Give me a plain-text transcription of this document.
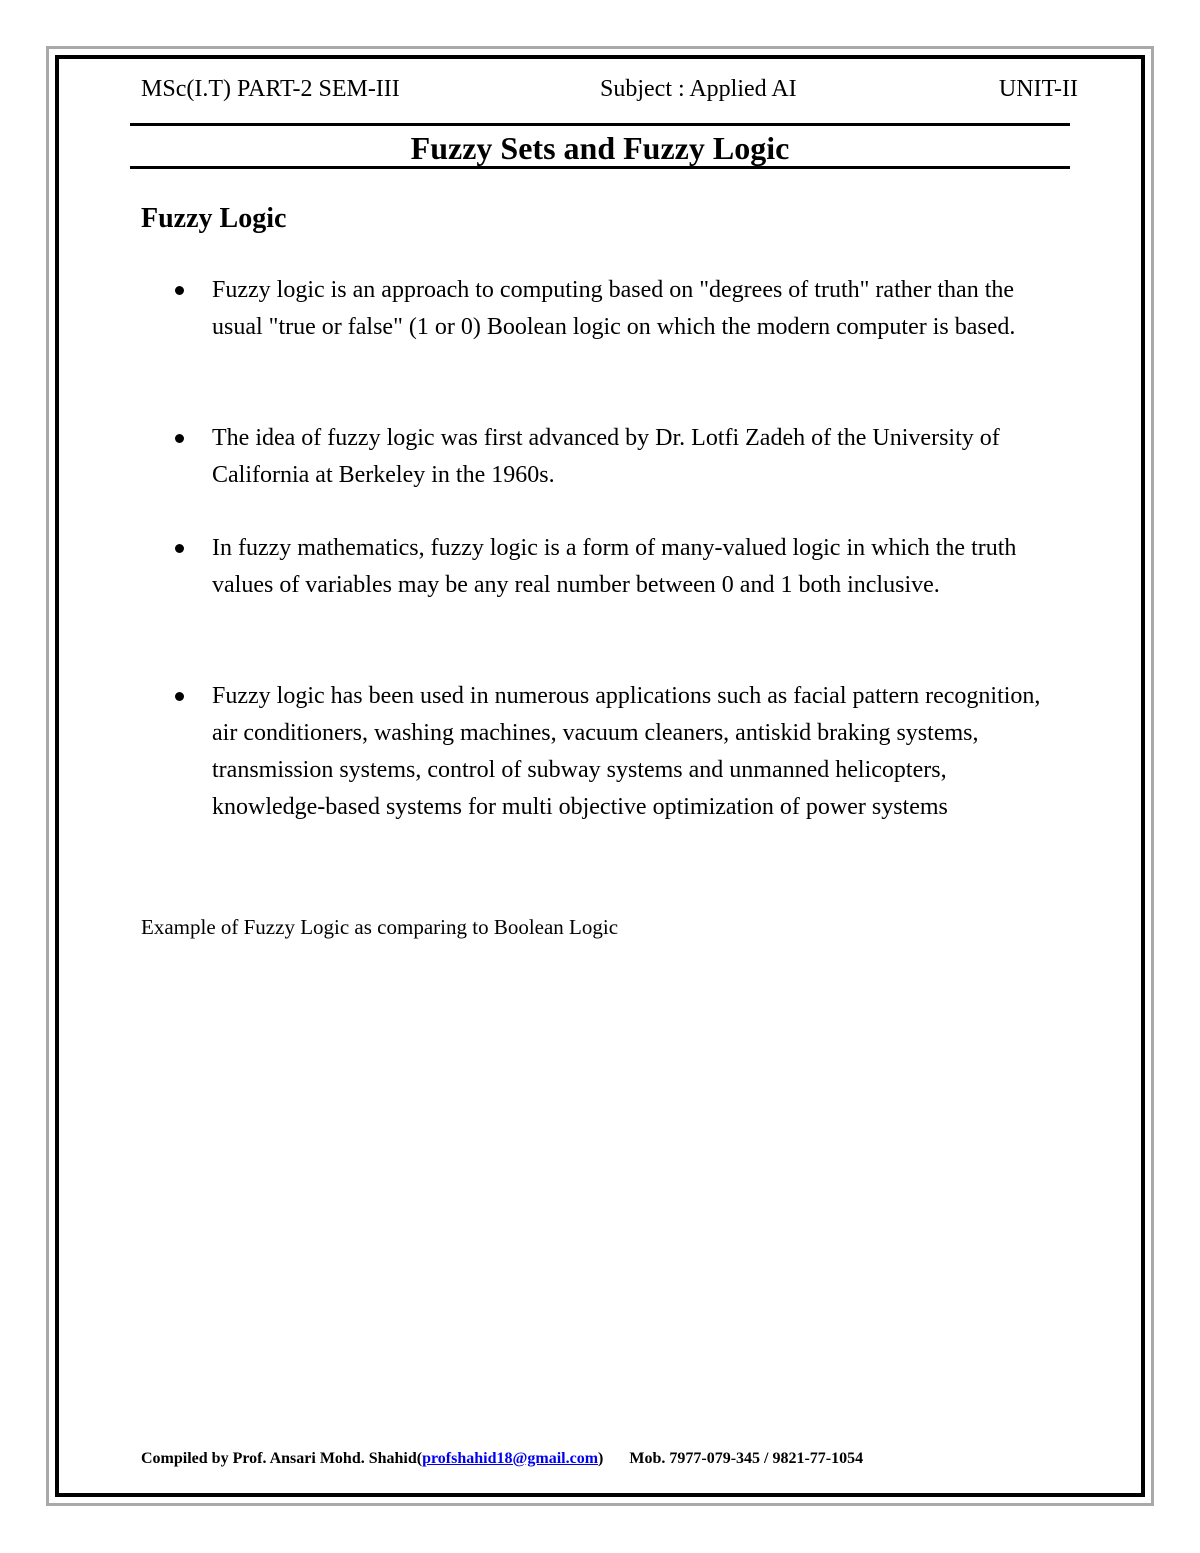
MSc(I.T) PART-2 SEM-III	Subject : Applied AI	UNIT-II
Fuzzy Sets and Fuzzy Logic
Fuzzy Logic
Fuzzy logic is an approach to computing based on "degrees of truth" rather than the usual "true or false" (1 or 0) Boolean logic on which the modern computer is based.
The idea of fuzzy logic was first advanced by Dr. Lotfi Zadeh of the University of California at Berkeley in the 1960s.
In fuzzy mathematics, fuzzy logic is a form of many-valued logic in which the truth values of variables may be any real number between 0 and 1 both inclusive.
Fuzzy logic has been used in numerous applications such as facial pattern recognition, air conditioners, washing machines, vacuum cleaners, antiskid braking systems, transmission systems, control of subway systems and unmanned helicopters, knowledge-based systems for multi objective optimization of power systems
Example of Fuzzy Logic as comparing to Boolean Logic
Compiled by Prof. Ansari Mohd. Shahid(profshahid18@gmail.com) Mob. 7977-079-345 / 9821-77-1054
